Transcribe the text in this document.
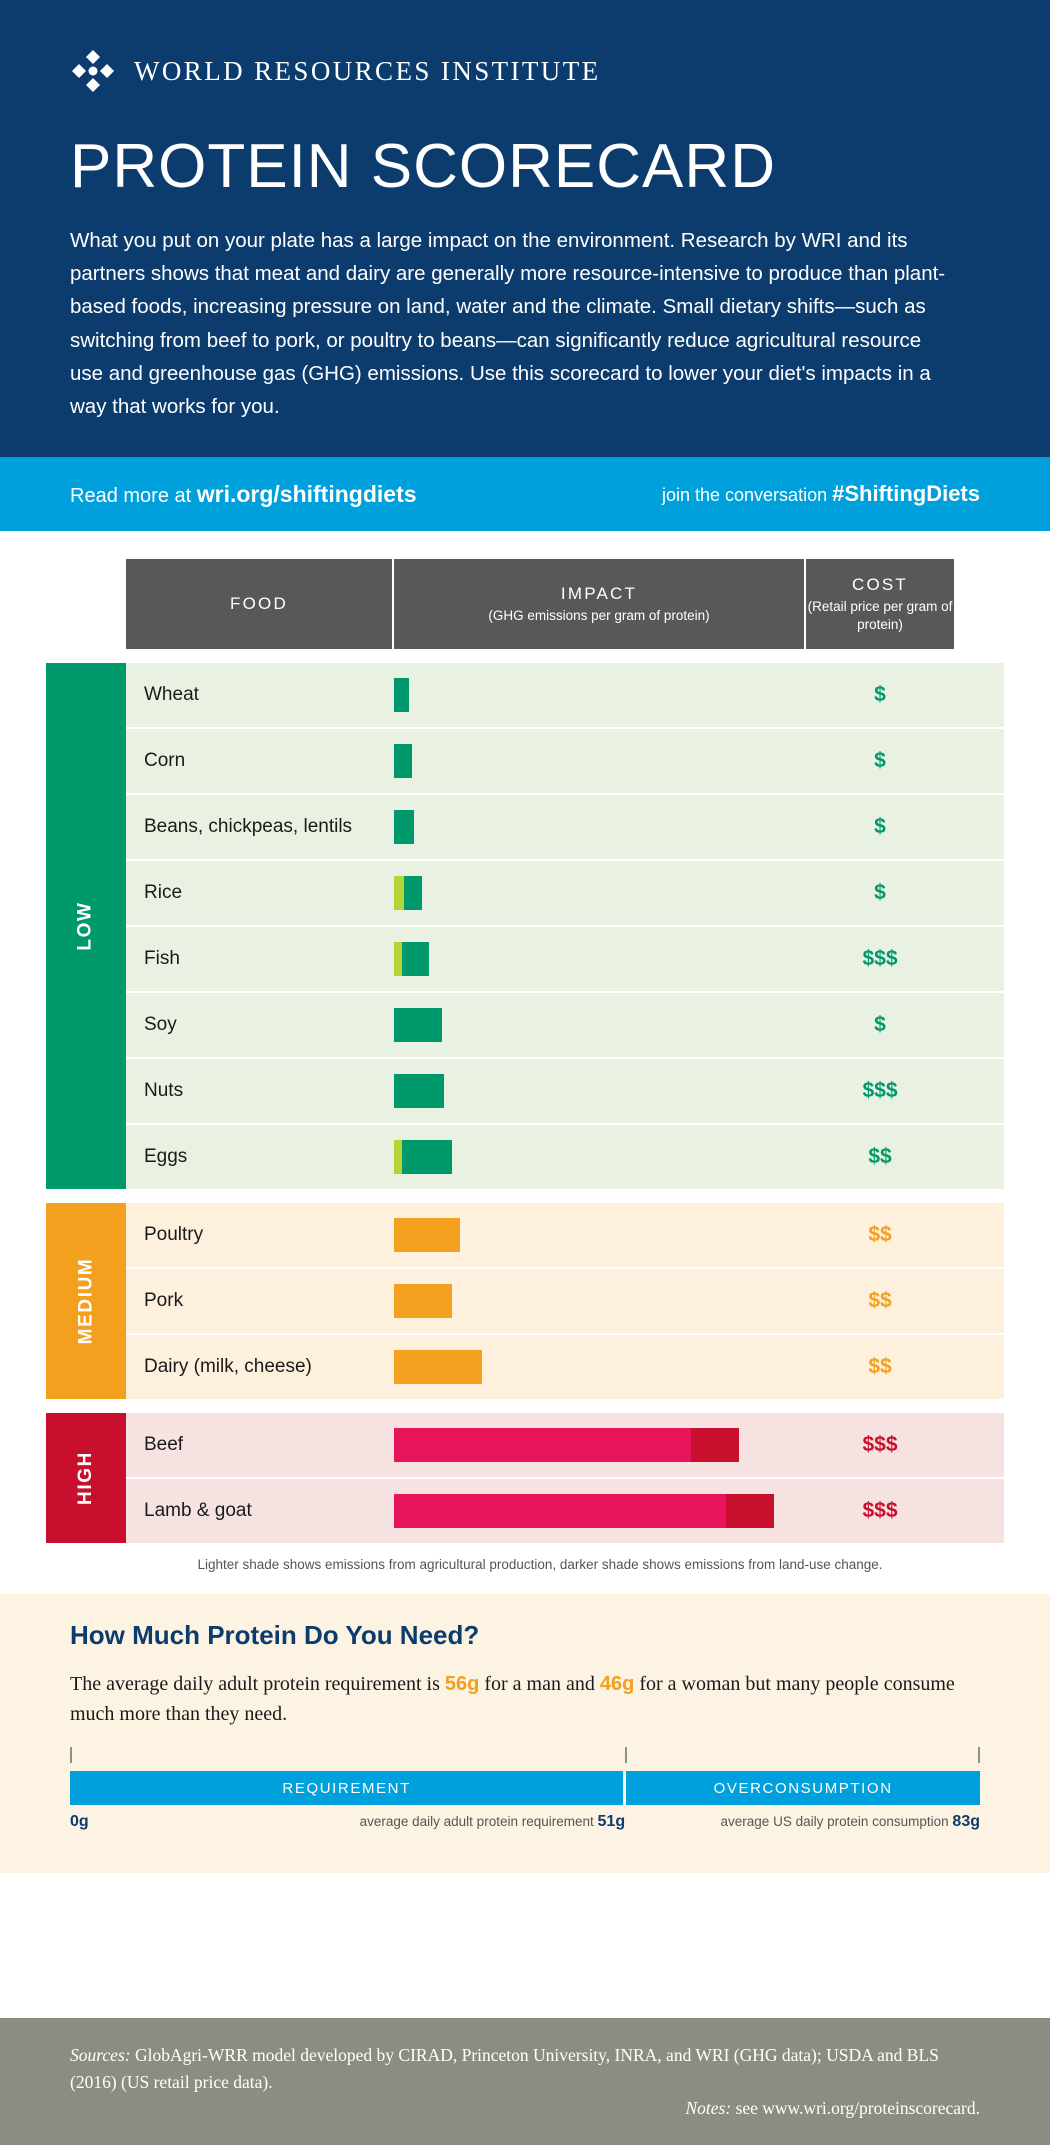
WORLD RESOURCES INSTITUTE
PROTEIN SCORECARD

What you put on your plate has a large impact on the environment. Research by WRI and its partners shows that meat and dairy are generally more resource-intensive to produce than plant-based foods, increasing pressure on land, water and the climate. Small dietary shifts—such as switching from beef to pork, or poultry to beans—can significantly reduce agricultural resource use and greenhouse gas (GHG) emissions. Use this scorecard to lower your diet's impacts in a way that works for you.

Read more at wri.org/shiftingdiets	join the conversation #ShiftingDiets
FOOD
IMPACT
(GHG emissions per gram of protein)
COST
(Retail price per gram of protein)
LOW
Wheat	$
Corn	$
Beans, chickpeas, lentils	$
Rice	$
Fish	$$$
Soy	$
Nuts	$$$
Eggs	$$
MEDIUM
Poultry	$$
Pork	$$
Dairy (milk, cheese)	$$
HIGH
Beef	$$$
Lamb & goat	$$$
Lighter shade shows emissions from agricultural production, darker shade shows emissions from land-use change.
How Much Protein Do You Need?

The average daily adult protein requirement is 56g for a man and 46g for a woman but many people consume much more than they need.

REQUIREMENT	OVERCONSUMPTION
0g	average daily adult protein requirement 51g	average US daily protein consumption 83g
Sources: GlobAgri-WRR model developed by CIRAD, Princeton University, INRA, and WRI (GHG data); USDA and BLS (2016) (US retail price data).
Notes: see www.wri.org/proteinscorecard.
